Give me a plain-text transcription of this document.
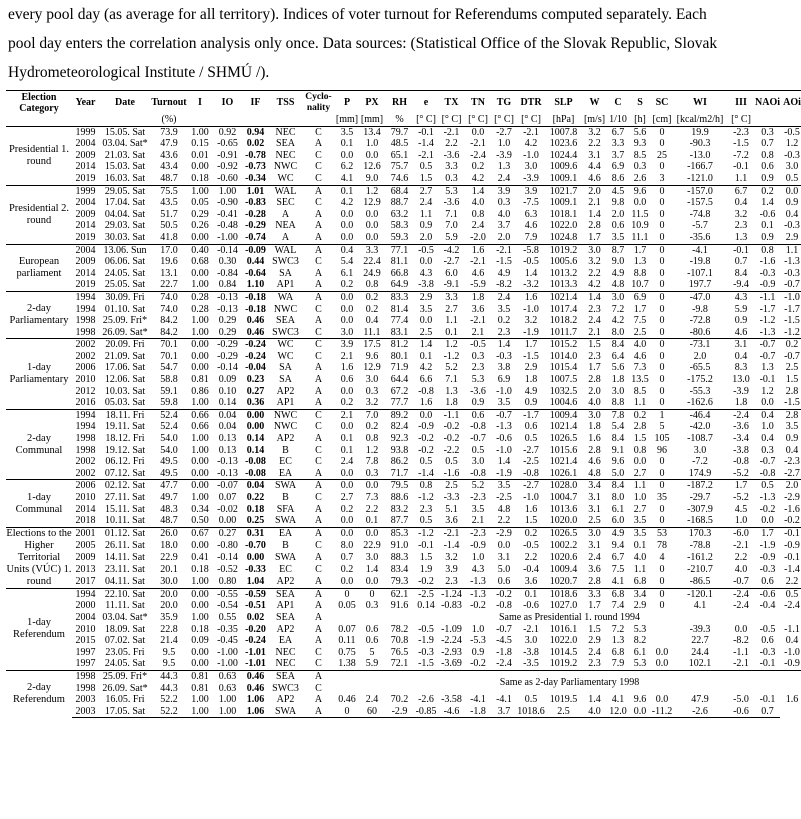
every pool day (as average for all territory). Indices of voter turnout for Referendums computed separately. Each
pool day enters the correlation analysis only once. Data sources: (Statistical Office of the Slovak Republic, Slovak
Hydrometeorological Institute / SHMÚ /).
Election
Category	Year	Date	Turnout	I	IO	IF	TSS	Cyclo-
nality	P	PX	RH	e	TX	TN	TG	DTR	SLP	W	C	S	SC	WI	III	NAOi	AOi
			(%)						[mm]	[mm]	%	[° C]	[° C]	[° C]	[° C]	[° C]	[hPa]	[m/s]	1/10	[h]	[cm]	[kcal/m2/h]	[° C]		
Presidential 1. round	1999	15.05. Sat	73.9	1.00	0.92	0.94	NEC	C	3.5	13.4	79.7	-0.1	-2.1	0.0	-2.7	-2.1	1007.8	3.2	6.7	5.6	0	19.9	-2.3	0.3	-0.5
	2004	03.04. Sat*	47.9	0.15	-0.65	0.02	SEA	A	0.1	1.0	48.5	-1.4	2.2	-2.1	1.0	4.2	1023.6	2.2	3.3	9.3	0	-90.3	-1.5	0.7	1.2
	2009	21.03. Sat	43.6	0.01	-0.91	-0.78	NEC	C	0.0	0.0	65.1	-2.1	-3.6	-2.4	-3.9	-1.0	1024.4	3.1	3.7	8.5	25	-13.0	-7.2	0.8	-0.3
	2014	15.03. Sat	43.4	0.00	-0.92	-0.73	NWC	C	6.2	12.6	75.7	0.5	3.3	0.2	1.3	3.0	1009.6	4.4	6.9	0.3	0	-166.7	-0.1	0.6	3.0
	2019	16.03. Sat	48.7	0.18	-0.60	-0.34	WC	C	4.1	9.0	74.6	1.5	0.3	4.2	2.4	-3.9	1009.1	4.6	8.6	2.6	3	-121.0	1.1	0.9	0.5
Presidential 2. round	1999	29.05. Sat	75.5	1.00	1.00	1.01	WAL	A	0.1	1.2	68.4	2.7	5.3	1.4	3.9	3.9	1021.7	2.0	4.5	9.6	0	-157.0	6.7	0.2	0.0
	2004	17.04. Sat	43.5	0.05	-0.90	-0.83	SEC	C	4.2	12.9	88.7	2.4	-3.6	4.0	0.3	-7.5	1009.1	2.1	9.8	0.0	0	-157.5	0.4	1.4	0.9
	2009	04.04. Sat	51.7	0.29	-0.41	-0.28	A	A	0.0	0.0	63.2	1.1	7.1	0.8	4.0	6.3	1018.1	1.4	2.0	11.5	0	-74.8	3.2	-0.6	0.4
	2014	29.03. Sat	50.5	0.26	-0.48	-0.29	NEA	A	0.0	0.0	58.3	0.9	7.0	2.4	3.7	4.6	1022.0	2.8	0.6	10.9	0	-5.7	2.3	0.1	-0.3
	2019	30.03. Sat	41.8	0.00	-1.00	-0.74	A	A	0.0	0.0	59.3	2.0	5.9	-2.0	2.0	7.9	1024.8	1.7	3.5	11.1	0	-35.6	1.3	0.9	2.9
European parliament	2004	13.06. Sun	17.0	0.40	-0.14	-0.09	WAL	A	0.4	3.3	77.1	-0.5	-4.2	1.6	-2.1	-5.8	1019.2	3.0	8.7	1.7	0	-4.1	-0.1	0.8	1.1
	2009	06.06. Sat	19.6	0.68	0.30	0.44	SWC3	C	5.4	22.4	81.1	0.0	-2.7	-2.1	-1.5	-0.5	1005.6	3.2	9.0	1.3	0	-19.8	0.7	-1.6	-1.3
	2014	24.05. Sat	13.1	0.00	-0.84	-0.64	SA	A	6.1	24.9	66.8	4.3	6.0	4.6	4.9	1.4	1013.2	2.2	4.9	8.8	0	-107.1	8.4	-0.3	-0.3
	2019	25.05. Sat	22.7	1.00	0.84	1.10	AP1	A	0.2	0.8	64.9	-3.8	-9.1	-5.9	-8.2	-3.2	1013.3	4.2	4.8	10.7	0	197.7	-9.4	-0.9	-0.7
2-day Parliamentary	1994	30.09. Fri	74.0	0.28	-0.13	-0.18	WA	A	0.0	0.2	83.3	2.9	3.3	1.8	2.4	1.6	1021.4	1.4	3.0	6.9	0	-47.0	4.3	-1.1	-1.0
	1994	01.10. Sat	74.0	0.28	-0.13	-0.18	NWC	C	0.0	0.2	81.4	3.5	2.7	3.6	3.5	-1.0	1017.4	2.3	7.2	1.7	0	-9.8	5.9	-1.7	-1.7
	1998	25.09. Fri*	84.2	1.00	0.29	0.46	SEA	A	0.0	0.4	77.4	0.0	1.1	-2.1	0.2	3.2	1018.2	2.4	4.2	7.5	0	-72.8	0.9	-1.2	-1.5
	1998	26.09. Sat*	84.2	1.00	0.29	0.46	SWC3	C	3.0	11.1	83.1	2.5	0.1	2.1	2.3	-1.9	1011.7	2.1	8.0	2.5	0	-80.6	4.6	-1.3	-1.2
1-day Parliamentary	2002	20.09. Fri	70.1	0.00	-0.29	-0.24	WC	C	3.9	17.5	81.2	1.4	1.2	-0.5	1.4	1.7	1015.2	1.5	8.4	4.0	0	-73.1	3.1	-0.7	0.2
	2002	21.09. Sat	70.1	0.00	-0.29	-0.24	WC	C	2.1	9.6	80.1	0.1	-1.2	0.3	-0.3	-1.5	1014.0	2.3	6.4	4.6	0	2.0	0.4	-0.7	-0.7
	2006	17.06. Sat	54.7	0.00	-0.14	-0.04	SA	A	1.6	12.9	71.9	4.2	5.2	2.3	3.8	2.9	1015.4	1.7	5.6	7.3	0	-65.5	8.3	1.3	2.5
	2010	12.06. Sat	58.8	0.81	0.09	0.23	SA	A	0.6	3.0	64.4	6.6	7.1	5.3	6.9	1.8	1007.5	2.8	1.8	13.5	0	-175.2	13.0	-0.1	1.5
	2012	10.03. Sat	59.1	0.86	0.10	0.27	AP2	A	0.0	0.3	67.2	-0.8	1.3	-3.6	-1.0	4.9	1032.5	2.0	3.0	8.5	0	-55.3	-3.9	1.2	2.8
	2016	05.03. Sat	59.8	1.00	0.14	0.36	AP1	A	0.2	3.2	77.7	1.6	1.8	0.9	3.5	0.9	1004.6	4.0	8.8	1.1	0	-162.6	1.8	0.0	-1.5
2-day Communal	1994	18.11. Fri	52.4	0.66	0.04	0.00	NWC	C	2.1	7.0	89.2	0.0	-1.1	0.6	-0.7	-1.7	1009.4	3.0	7.8	0.2	1	-46.4	-2.4	0.4	2.8
	1994	19.11. Sat	52.4	0.66	0.04	0.00	NWC	C	0.0	0.2	82.4	-0.9	-0.2	-0.8	-1.3	0.6	1021.4	1.8	5.4	2.8	5	-42.0	-3.6	1.0	3.5
	1998	18.12. Fri	54.0	1.00	0.13	0.14	AP2	A	0.1	0.8	92.3	-0.2	-0.2	-0.7	-0.6	0.5	1026.5	1.6	8.4	1.5	105	-108.7	-3.4	0.4	0.9
	1998	19.12. Sat	54.0	1.00	0.13	0.14	B	C	0.1	1.2	93.8	-0.2	-2.2	0.5	-1.0	-2.7	1015.6	2.8	9.1	0.8	96	3.0	-3.8	0.3	0.4
	2002	06.12. Fri	49.5	0.00	-0.13	-0.08	EC	C	2.4	7.8	86.2	0.5	0.5	3.0	1.4	-2.5	1021.4	4.6	9.6	0.0	0	-7.2	-0.8	-0.7	-2.3
	2002	07.12. Sat	49.5	0.00	-0.13	-0.08	EA	A	0.0	0.3	71.7	-1.4	-1.6	-0.8	-1.9	-0.8	1026.1	4.8	5.0	2.7	0	174.9	-5.2	-0.8	-2.7
1-day Communal	2006	02.12. Sat	47.7	0.00	-0.07	0.04	SWA	A	0.0	0.0	79.5	0.8	2.5	5.2	3.5	-2.7	1028.0	3.4	8.4	1.1	0	-187.2	1.7	0.5	2.0
	2010	27.11. Sat	49.7	1.00	0.07	0.22	B	C	2.7	7.3	88.6	-1.2	-3.3	-2.3	-2.5	-1.0	1004.7	3.1	8.0	1.0	35	-29.7	-5.2	-1.3	-2.9
	2014	15.11. Sat	48.3	0.34	-0.02	0.18	SFA	A	0.2	2.2	83.2	2.3	5.1	3.5	4.8	1.6	1013.6	3.1	6.1	2.7	0	-307.9	4.5	-0.2	-1.6
	2018	10.11. Sat	48.7	0.50	0.00	0.25	SWA	A	0.0	0.1	87.7	0.5	3.6	2.1	2.2	1.5	1020.0	2.5	6.0	3.5	0	-168.5	1.0	0.0	-0.2
Elections to the Higher Territorial Units (VÚC) 1. round	2001	01.12. Sat	26.0	0.67	0.27	0.31	EA	A	0.0	0.0	85.3	-1.2	-2.1	-2.3	-2.9	0.2	1026.5	3.0	4.9	3.5	53	170.3	-6.0	1.7	-0.1
	2005	26.11. Sat	18.0	0.00	-0.80	-0.70	B	C	8.0	22.9	91.0	-0.1	-1.4	-0.9	0.0	-0.5	1002.2	3.1	9.4	0.1	78	-78.8	-2.1	-1.9	-0.9
	2009	14.11. Sat	22.9	0.41	-0.14	0.00	SWA	A	0.7	3.0	88.3	1.5	3.2	1.0	3.1	2.2	1020.6	2.4	6.7	4.0	4	-161.2	2.2	-0.9	-0.1
	2013	23.11. Sat	20.1	0.18	-0.52	-0.33	EC	C	0.2	1.4	83.4	1.9	3.9	4.3	5.0	-0.4	1009.4	3.6	7.5	1.1	0	-210.7	4.0	-0.3	-1.4
	2017	04.11. Sat	30.0	1.00	0.80	1.04	AP2	A	0.0	0.0	79.3	-0.2	2.3	-1.3	0.6	3.6	1020.7	2.8	4.1	6.8	0	-86.5	-0.7	0.6	2.2
1-day Referendum	1994	22.10. Sat	20.0	0.00	-0.55	-0.59	SEA	A	0	0	62.1	-2.5	-1.24	-1.3	-0.2	0.1	1018.6	3.3	6.8	3.4	0	-120.1	-2.4	-0.6	0.5
	2000	11.11. Sat	20.0	0.00	-0.54	-0.51	AP1	A	0.05	0.3	91.6	0.14	-0.83	-0.2	-0.8	-0.6	1027.0	1.7	7.4	2.9	0	4.1	-2.4	-0.4	-2.4
	2004	03.04. Sat*	35.9	1.00	0.55	0.02	SEA	A	Same as Presidential 1. round 1994																
	2010	18.09. Sat	22.8	0.18	-0.35	-0.20	AP2	A	0.07	0.6	78.2	-0.5	-1.09	1.0	-0.7	-2.1	1016.1	1.5	7.2	5.3		-39.3	0.0	-0.5	-1.1
	2015	07.02. Sat	21.4	0.09	-0.45	-0.24	EA	A	0.11	0.6	70.8	-1.9	-2.24	-5.3	-4.5	3.0	1022.0	2.9	1.3	8.2		22.7	-8.2	0.6	0.4
	1997	23.05. Fri	9.5	0.00	-1.00	-1.01	NEC	C	0.75	5	76.5	-0.3	-2.93	0.9	-1.8	-3.8	1014.5	2.4	6.8	6.1	0.0	24.4	-1.1	-0.3	-1.0
	1997	24.05. Sat	9.5	0.00	-1.00	-1.01	NEC	C	1.38	5.9	72.1	-1.5	-3.69	-0.2	-2.4	-3.5	1019.2	2.3	7.9	5.3	0.0	102.1	-2.1	-0.1	-0.9
2-day Referendum	1998	25.09. Fri*	44.3	0.81	0.63	0.46	SEA	A	Same as 2-day Parliamentary 1998																
	1998	26.09. Sat*	44.3	0.81	0.63	0.46	SWC3	C																	
	2003	16.05. Fri	52.2	1.00	1.00	1.06	AP2	A	0.46	2.4	70.2	-2.6	-3.58	-4.1	-4.1	0.5	1019.5	1.4	4.1	9.6	0.0	47.9	-5.0	-0.1	1.6
	2003	17.05. Sat	52.2	1.00	1.00	1.06	SWA	A	0	60	-2.9	-0.85	-4.6	-1.8	3.7	1018.6	2.5	4.0	12.0	0.0	-11.2	-2.6	-0.6	0.7	
